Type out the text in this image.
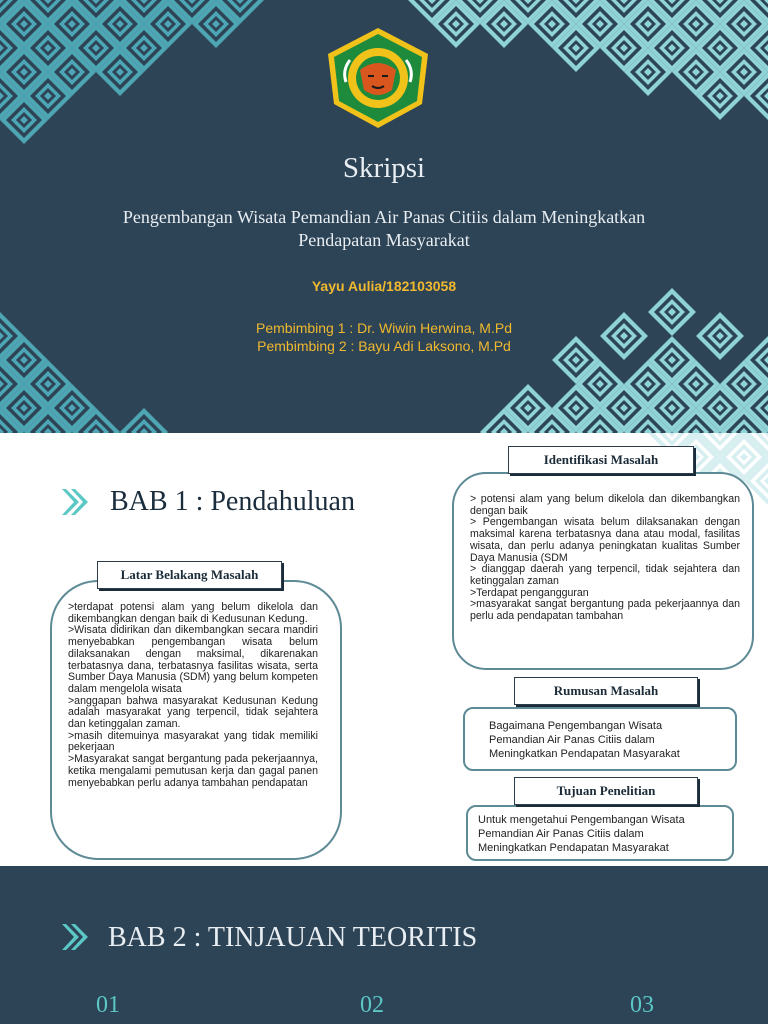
Skripsi
Pengembangan Wisata Pemandian Air Panas Citiis dalam Meningkatkan Pendapatan Masyarakat
Yayu Aulia/182103058
Pembimbing 1 : Dr. Wiwin Herwina, M.Pd
Pembimbing 2 : Bayu Adi Laksono, M.Pd
BAB 1 : Pendahuluan
Latar Belakang Masalah

>terdapat potensi alam yang belum dikelola dan dikembangkan dengan baik di Kedusunan Kedung.

>Wisata didirikan dan dikembangkan secara mandiri menyebabkan pengembangan wisata belum dilaksanakan dengan maksimal, dikarenakan terbatasnya dana, terbatasnya fasilitas wisata, serta Sumber Daya Manusia (SDM) yang belum kompeten dalam mengelola wisata

>anggapan bahwa masyarakat Kedusunan Kedung adalah masyarakat yang terpencil, tidak sejahtera dan ketinggalan zaman.

>masih ditemuinya masyarakat yang tidak memiliki pekerjaan

>Masyarakat sangat bergantung pada pekerjaannya, ketika mengalami pemutusan kerja dan gagal panen menyebabkan perlu adanya tambahan pendapatan

Identifikasi Masalah

> potensi alam yang belum dikelola dan dikembangkan dengan baik

> Pengembangan wisata belum dilaksanakan dengan maksimal karena terbatasnya dana atau modal, fasilitas wisata, dan perlu adanya peningkatan kualitas Sumber Daya Manusia (SDM

> dianggap daerah yang terpencil, tidak sejahtera dan ketinggalan zaman

>Terdapat pengangguran

>masyarakat sangat bergantung pada pekerjaannya dan perlu ada pendapatan tambahan

Rumusan Masalah

Bagaimana Pengembangan Wisata Pemandian Air Panas Citiis dalam Meningkatkan Pendapatan Masyarakat

Tujuan Penelitian

Untuk mengetahui Pengembangan Wisata Pemandian Air Panas Citiis dalam Meningkatkan Pendapatan Masyarakat

BAB 2 : TINJAUAN TEORITIS
01	02	03
